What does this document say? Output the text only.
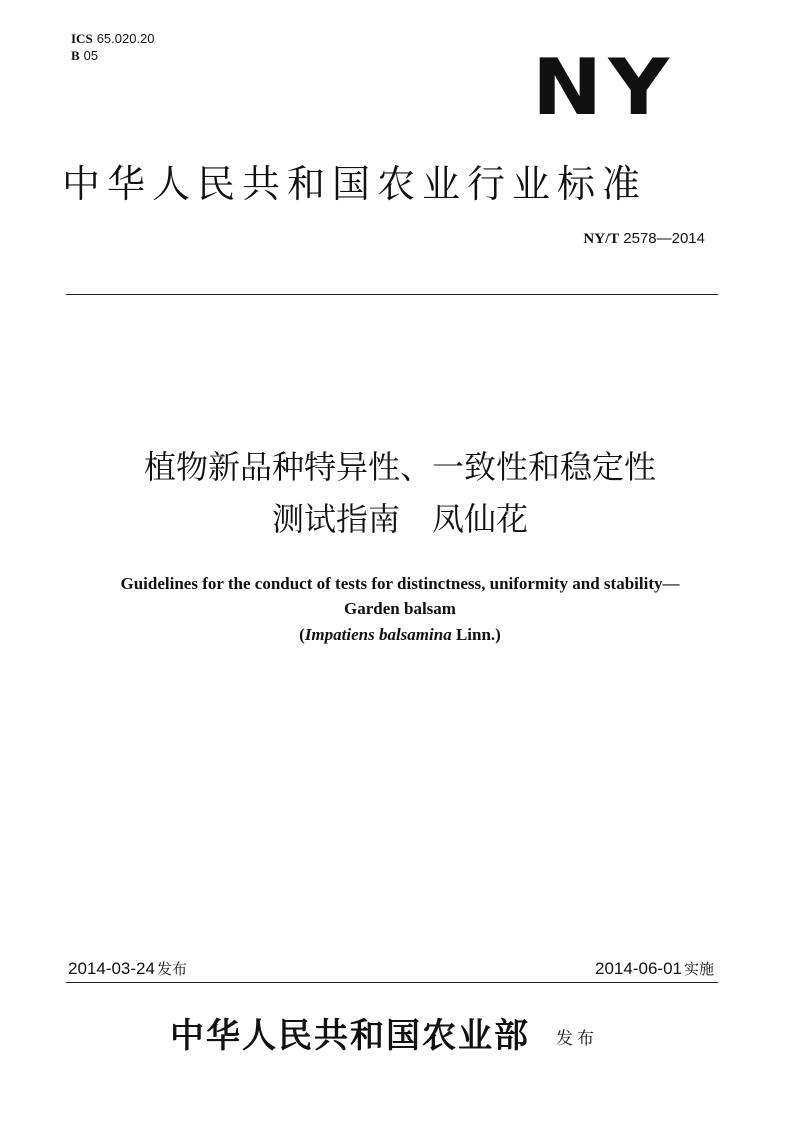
ICS 65.020.20
B 05	NY
中华人民共和国农业行业标准
NY/T 2578—2014
植物新品种特异性、一致性和稳定性
测试指南　凤仙花
Guidelines for the conduct of tests for distinctness, uniformity and stability—
Garden balsam
(Impatiens balsamina Linn.)
2014-03-24 发布	2014-06-01 实施
中华人民共和国农业部 发布
